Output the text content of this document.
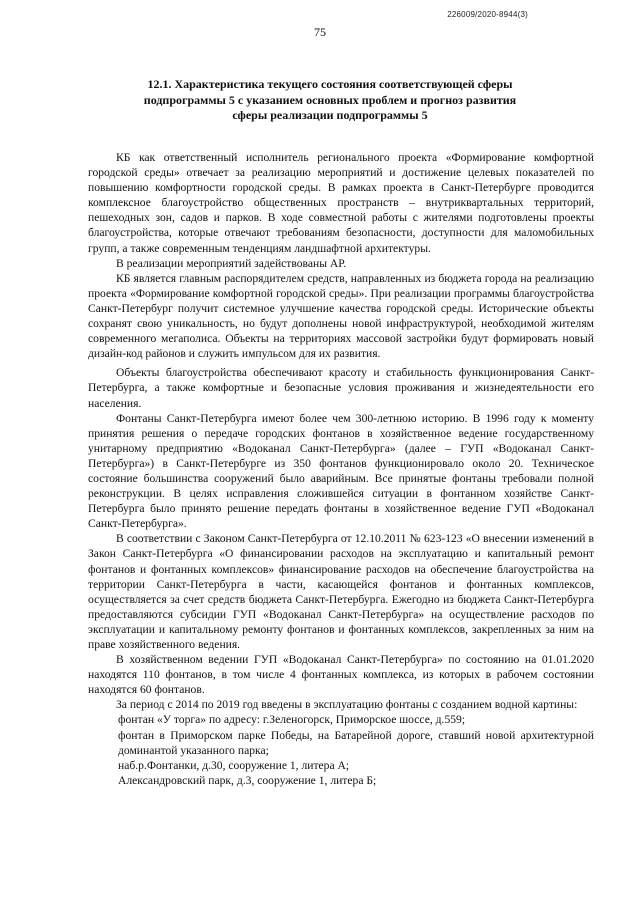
226009/2020-8944(3)
75
12.1. Характеристика текущего состояния соответствующей сферы подпрограммы 5 с указанием основных проблем и прогноз развития сферы реализации подпрограммы 5

КБ как ответственный исполнитель регионального проекта «Формирование комфортной городской среды» отвечает за реализацию мероприятий и достижение целевых показателей по повышению комфортности городской среды. В рамках проекта в Санкт-Петербурге проводится комплексное благоустройство общественных пространств – внутриквартальных территорий, пешеходных зон, садов и парков. В ходе совместной работы с жителями подготовлены проекты благоустройства, которые отвечают требованиям безопасности, доступности для маломобильных групп, а также современным тенденциям ландшафтной архитектуры.

В реализации мероприятий задействованы АР.

КБ является главным распорядителем средств, направленных из бюджета города на реализацию проекта «Формирование комфортной городской среды». При реализации программы благоустройства Санкт-Петербург получит системное улучшение качества городской среды. Исторические объекты сохранят свою уникальность, но будут дополнены новой инфраструктурой, необходимой жителям современного мегаполиса. Объекты на территориях массовой застройки будут формировать новый дизайн-код районов и служить импульсом для их развития.

Объекты благоустройства обеспечивают красоту и стабильность функционирования Санкт-Петербурга, а также комфортные и безопасные условия проживания и жизнедеятельности его населения.

Фонтаны Санкт-Петербурга имеют более чем 300-летнюю историю. В 1996 году к моменту принятия решения о передаче городских фонтанов в хозяйственное ведение государственному унитарному предприятию «Водоканал Санкт-Петербурга» (далее – ГУП «Водоканал Санкт-Петербурга») в Санкт-Петербурге из 350 фонтанов функционировало около 20. Техническое состояние большинства сооружений было аварийным. Все принятые фонтаны требовали полной реконструкции. В целях исправления сложившейся ситуации в фонтанном хозяйстве Санкт-Петербурга было принято решение передать фонтаны в хозяйственное ведение ГУП «Водоканал Санкт-Петербурга».

В соответствии с Законом Санкт-Петербурга от 12.10.2011 № 623-123 «О внесении изменений в Закон Санкт-Петербурга «О финансировании расходов на эксплуатацию и капитальный ремонт фонтанов и фонтанных комплексов» финансирование расходов на обеспечение благоустройства на территории Санкт-Петербурга в части, касающейся фонтанов и фонтанных комплексов, осуществляется за счет средств бюджета Санкт-Петербурга. Ежегодно из бюджета Санкт-Петербурга предоставляются субсидии ГУП «Водоканал Санкт-Петербурга» на осуществление расходов по эксплуатации и капитальному ремонту фонтанов и фонтанных комплексов, закрепленных за ним на праве хозяйственного ведения.

В хозяйственном ведении ГУП «Водоканал Санкт-Петербурга» по состоянию на 01.01.2020 находятся 110 фонтанов, в том числе 4 фонтанных комплекса, из которых в рабочем состоянии находятся 60 фонтанов.

За период с 2014 по 2019 год введены в эксплуатацию фонтаны с созданием водной картины:

фонтан «У торга» по адресу: г.Зеленогорск, Приморское шоссе, д.559;

фонтан в Приморском парке Победы, на Батарейной дороге, ставший новой архитектурной доминантой указанного парка;

наб.р.Фонтанки, д.30, сооружение 1, литера А;

Александровский парк, д.3, сооружение 1, литера Б;
